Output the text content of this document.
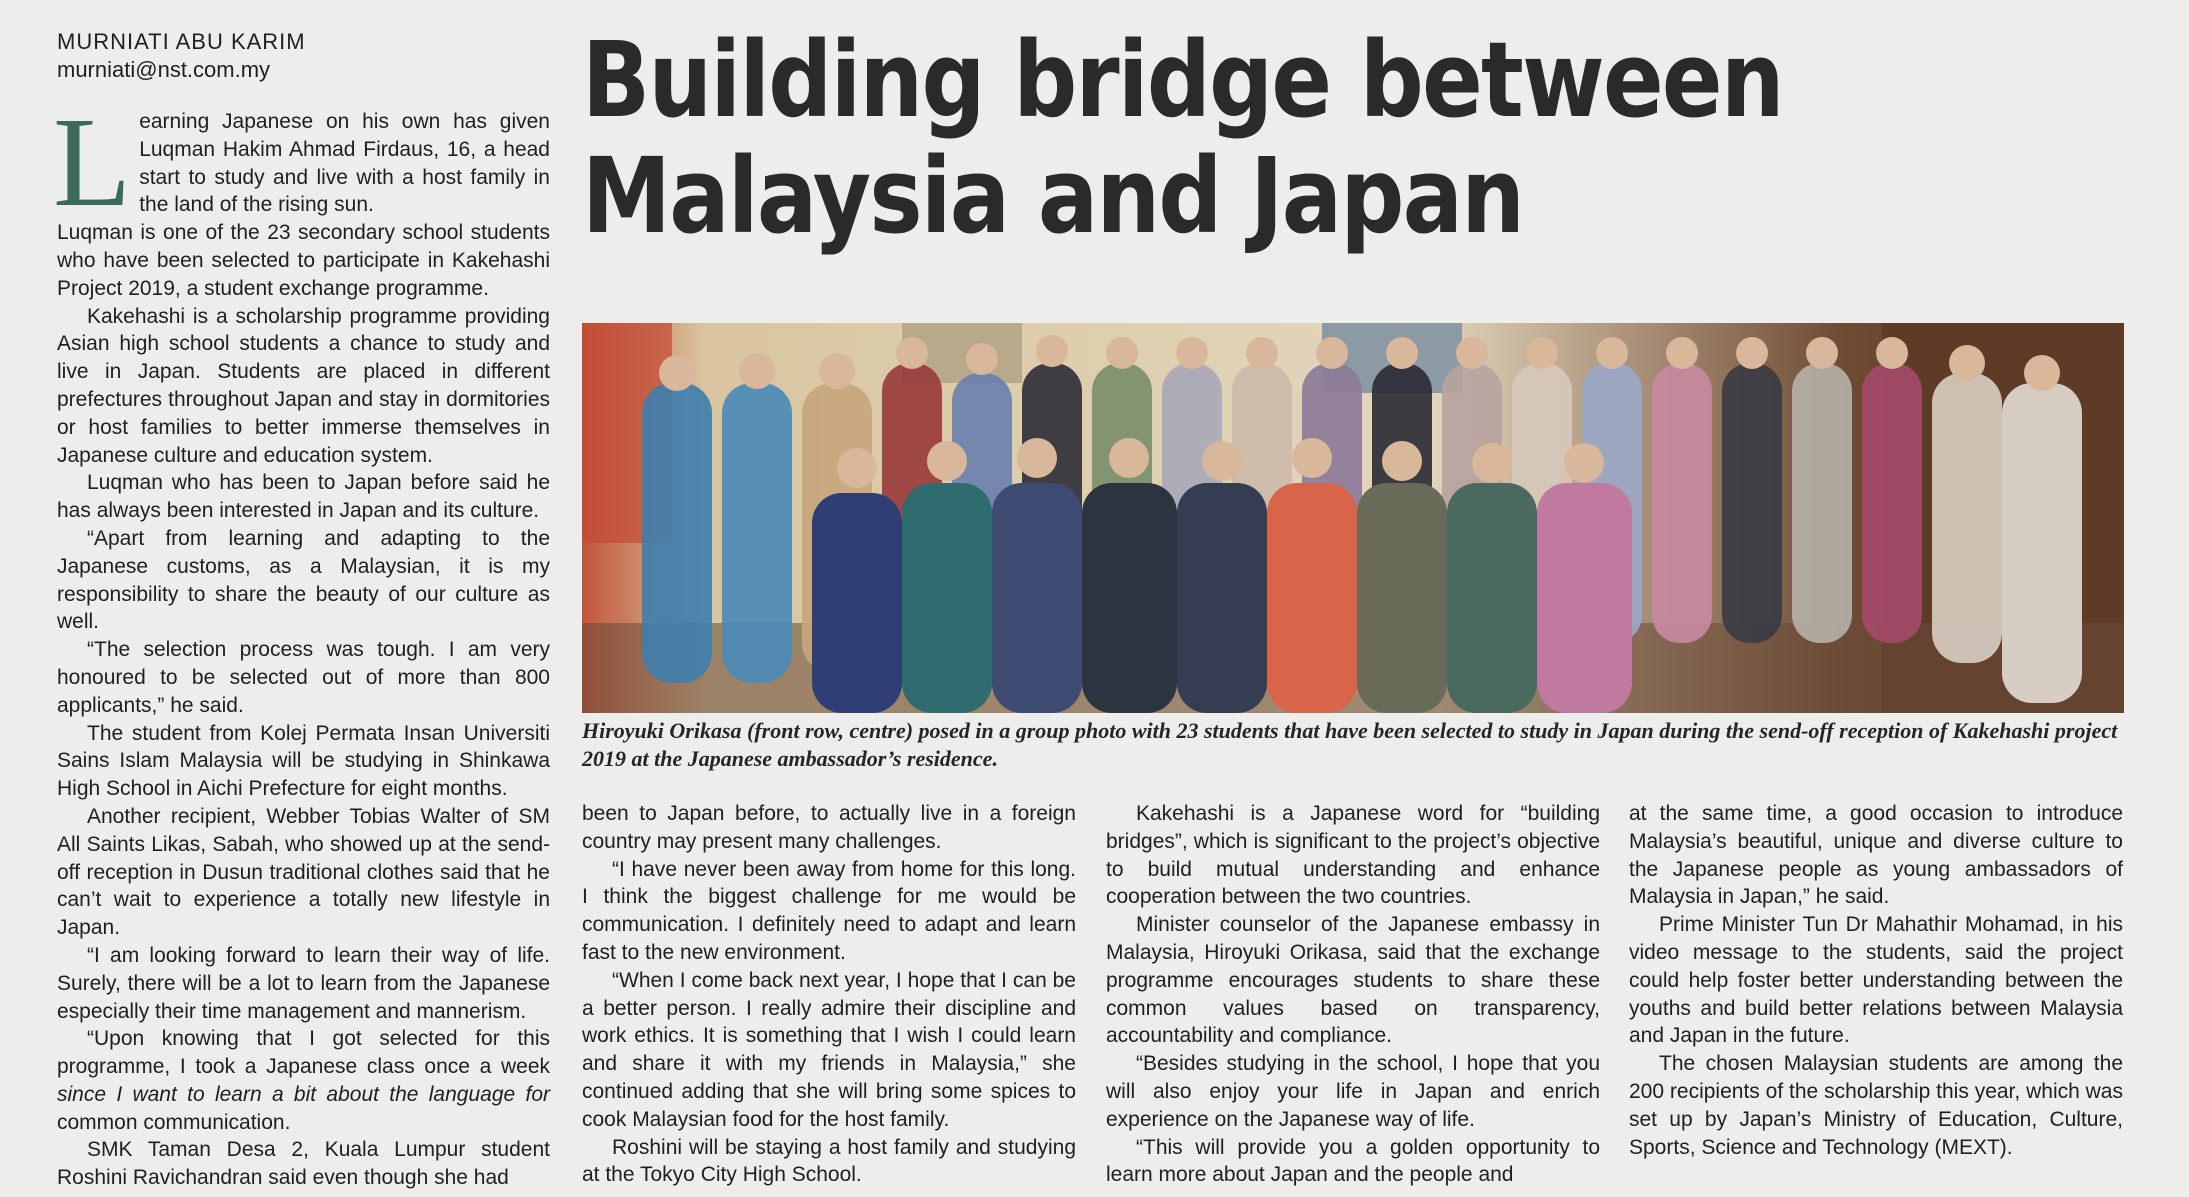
MURNIATI ABU KARIM
murniati@nst.com.my	Building bridge between
Malaysia and Japan

Learning Japanese on his own has given Luqman Hakim Ahmad Firdaus, 16, a head start to study and live with a host family in the land of the rising sun.

Luqman is one of the 23 secondary school students who have been selected to participate in Kakehashi Project 2019, a student exchange programme.

Kakehashi is a scholarship programme providing Asian high school students a chance to study and live in Japan. Students are placed in different prefectures throughout Japan and stay in dormitories or host families to better immerse themselves in Japanese culture and education system.

Luqman who has been to Japan before said he has always been interested in Japan and its culture.

“Apart from learning and adapting to the Japanese customs, as a Malaysian, it is my responsibility to share the beauty of our culture as well.

“The selection process was tough. I am very honoured to be selected out of more than 800 applicants,” he said.

The student from Kolej Permata Insan Universiti Sains Islam Malaysia will be studying in Shinkawa High School in Aichi Prefecture for eight months.

Another recipient, Webber Tobias Walter of SM All Saints Likas, Sabah, who showed up at the send-off reception in Dusun traditional clothes said that he can’t wait to experience a totally new lifestyle in Japan.

“I am looking forward to learn their way of life. Surely, there will be a lot to learn from the Japanese especially their time management and mannerism.

“Upon knowing that I got selected for this programme, I took a Japanese class once a week since I want to learn a bit about the language for common communication.

SMK Taman Desa 2, Kuala Lumpur student Roshini Ravichandran said even though she had

Hiroyuki Orikasa (front row, centre) posed in a group photo with 23 students that have been selected to study in Japan during the send-off reception of Kakehashi project 2019 at the Japanese ambassador’s residence.

been to Japan before, to actually live in a foreign country may present many challenges.

“I have never been away from home for this long. I think the biggest challenge for me would be communication. I definitely need to adapt and learn fast to the new environment.

“When I come back next year, I hope that I can be a better person. I really admire their discipline and work ethics. It is something that I wish I could learn and share it with my friends in Malaysia,” she continued adding that she will bring some spices to cook Malaysian food for the host family.

Roshini will be staying a host family and studying at the Tokyo City High School.

Kakehashi is a Japanese word for “building bridges”, which is significant to the project’s objective to build mutual understanding and enhance cooperation between the two countries.

Minister counselor of the Japanese embassy in Malaysia, Hiroyuki Orikasa, said that the exchange programme encourages students to share these common values based on transparency, accountability and compliance.

“Besides studying in the school, I hope that you will also enjoy your life in Japan and enrich experience on the Japanese way of life.

“This will provide you a golden opportunity to learn more about Japan and the people and

at the same time, a good occasion to introduce Malaysia’s beautiful, unique and diverse culture to the Japanese people as young ambassadors of Malaysia in Japan,” he said.

Prime Minister Tun Dr Mahathir Mohamad, in his video message to the students, said the project could help foster better understanding between the youths and build better relations between Malaysia and Japan in the future.

The chosen Malaysian students are among the 200 recipients of the scholarship this year, which was set up by Japan’s Ministry of Education, Culture, Sports, Science and Technology (MEXT).
